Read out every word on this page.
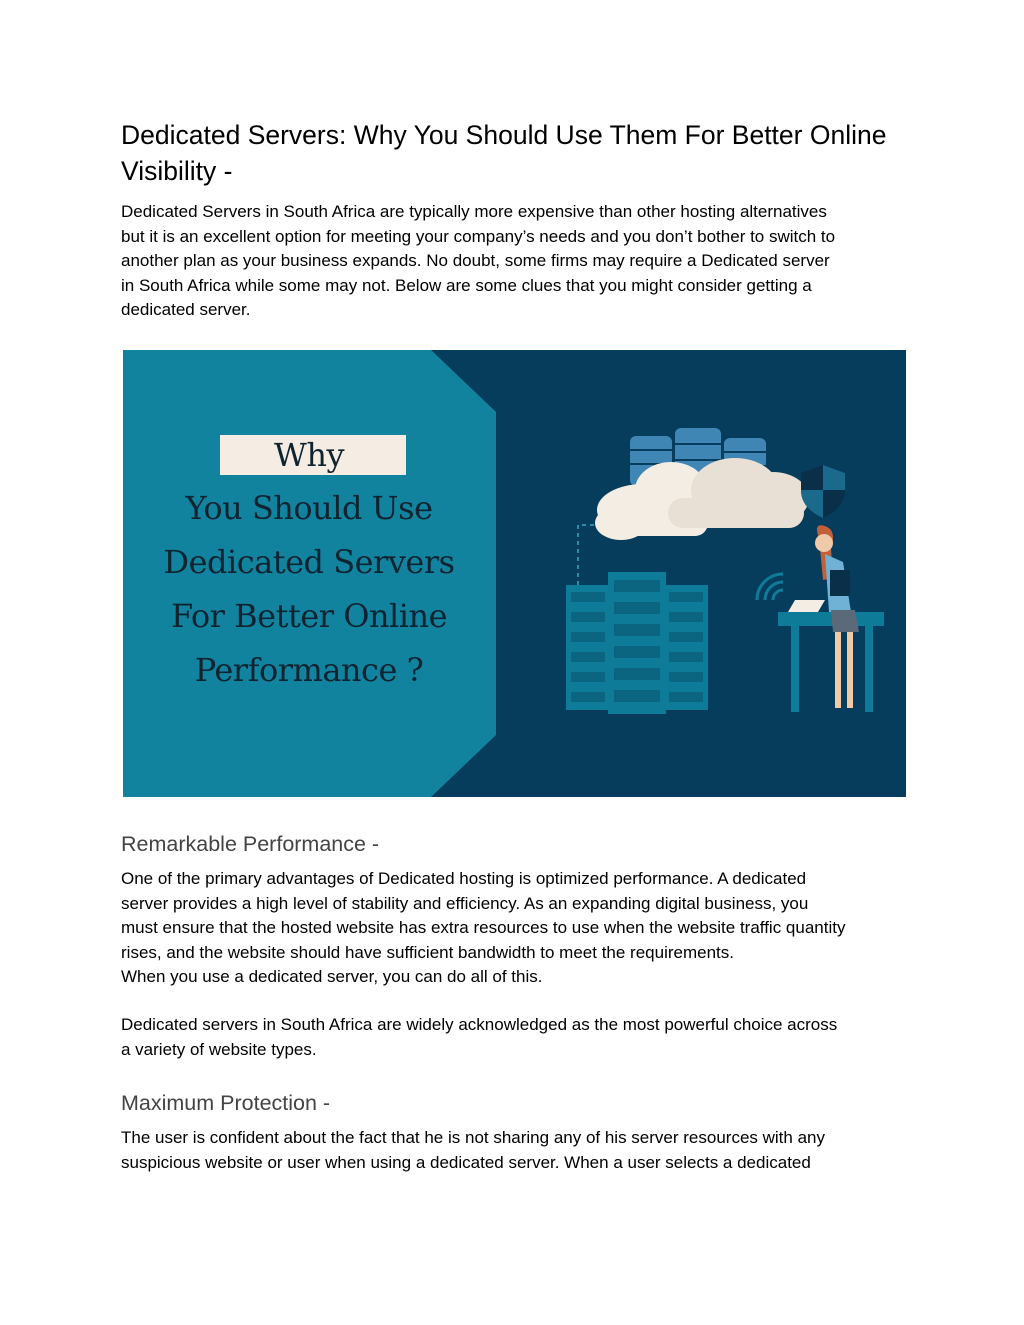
Dedicated Servers: Why You Should Use Them For Better Online
Visibility -

Dedicated Servers in South Africa are typically more expensive than other hosting alternatives
but it is an excellent option for meeting your company’s needs and you don’t bother to switch to
another plan as your business expands. No doubt, some firms may require a Dedicated server
in South Africa while some may not. Below are some clues that you might consider getting a
dedicated server.

Remarkable Performance -

One of the primary advantages of Dedicated hosting is optimized performance. A dedicated
server provides a high level of stability and efficiency. As an expanding digital business, you
must ensure that the hosted website has extra resources to use when the website traffic quantity
rises, and the website should have sufficient bandwidth to meet the requirements.
When you use a dedicated server, you can do all of this.

Dedicated servers in South Africa are widely acknowledged as the most powerful choice across
a variety of website types.

Maximum Protection -

The user is confident about the fact that he is not sharing any of his server resources with any
suspicious website or user when using a dedicated server. When a user selects a dedicated

Why
You Should Use
Dedicated Servers
For Better Online
Performance ?
